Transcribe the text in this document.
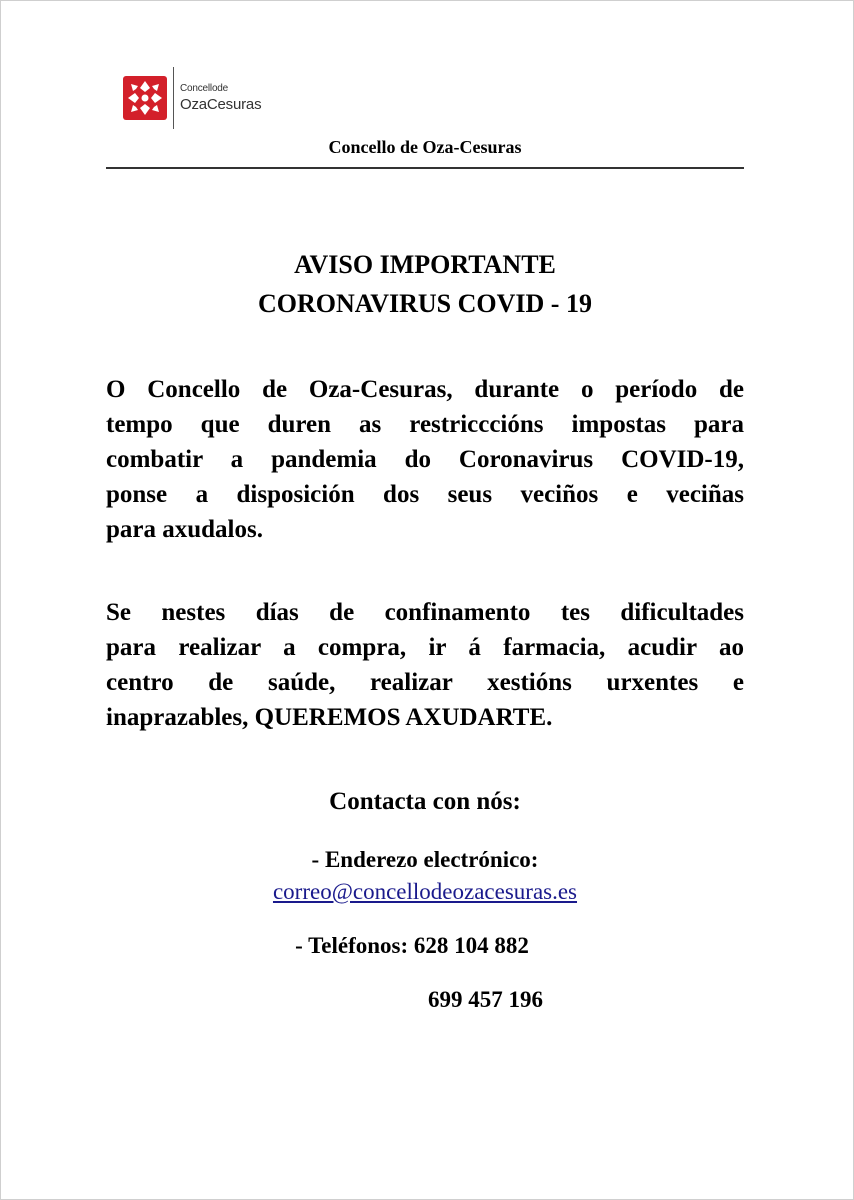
Concellode
OzaCesuras
Concello de Oza-Cesuras
AVISO IMPORTANTE
CORONAVIRUS COVID - 19
O Concello de Oza-Cesuras, durante o período de
tempo que duren as restricccións impostas para
combatir a pandemia do Coronavirus COVID-19,
ponse a disposición dos seus veciños e veciñas
para axudalos.
Se nestes días de confinamento tes dificultades
para realizar a compra, ir á farmacia, acudir ao
centro de saúde, realizar xestións urxentes e
inaprazables, QUEREMOS AXUDARTE.
Contacta con nós:
- Enderezo electrónico:
correo@concellodeozacesuras.es
- Teléfonos: 628 104 882
699 457 196
